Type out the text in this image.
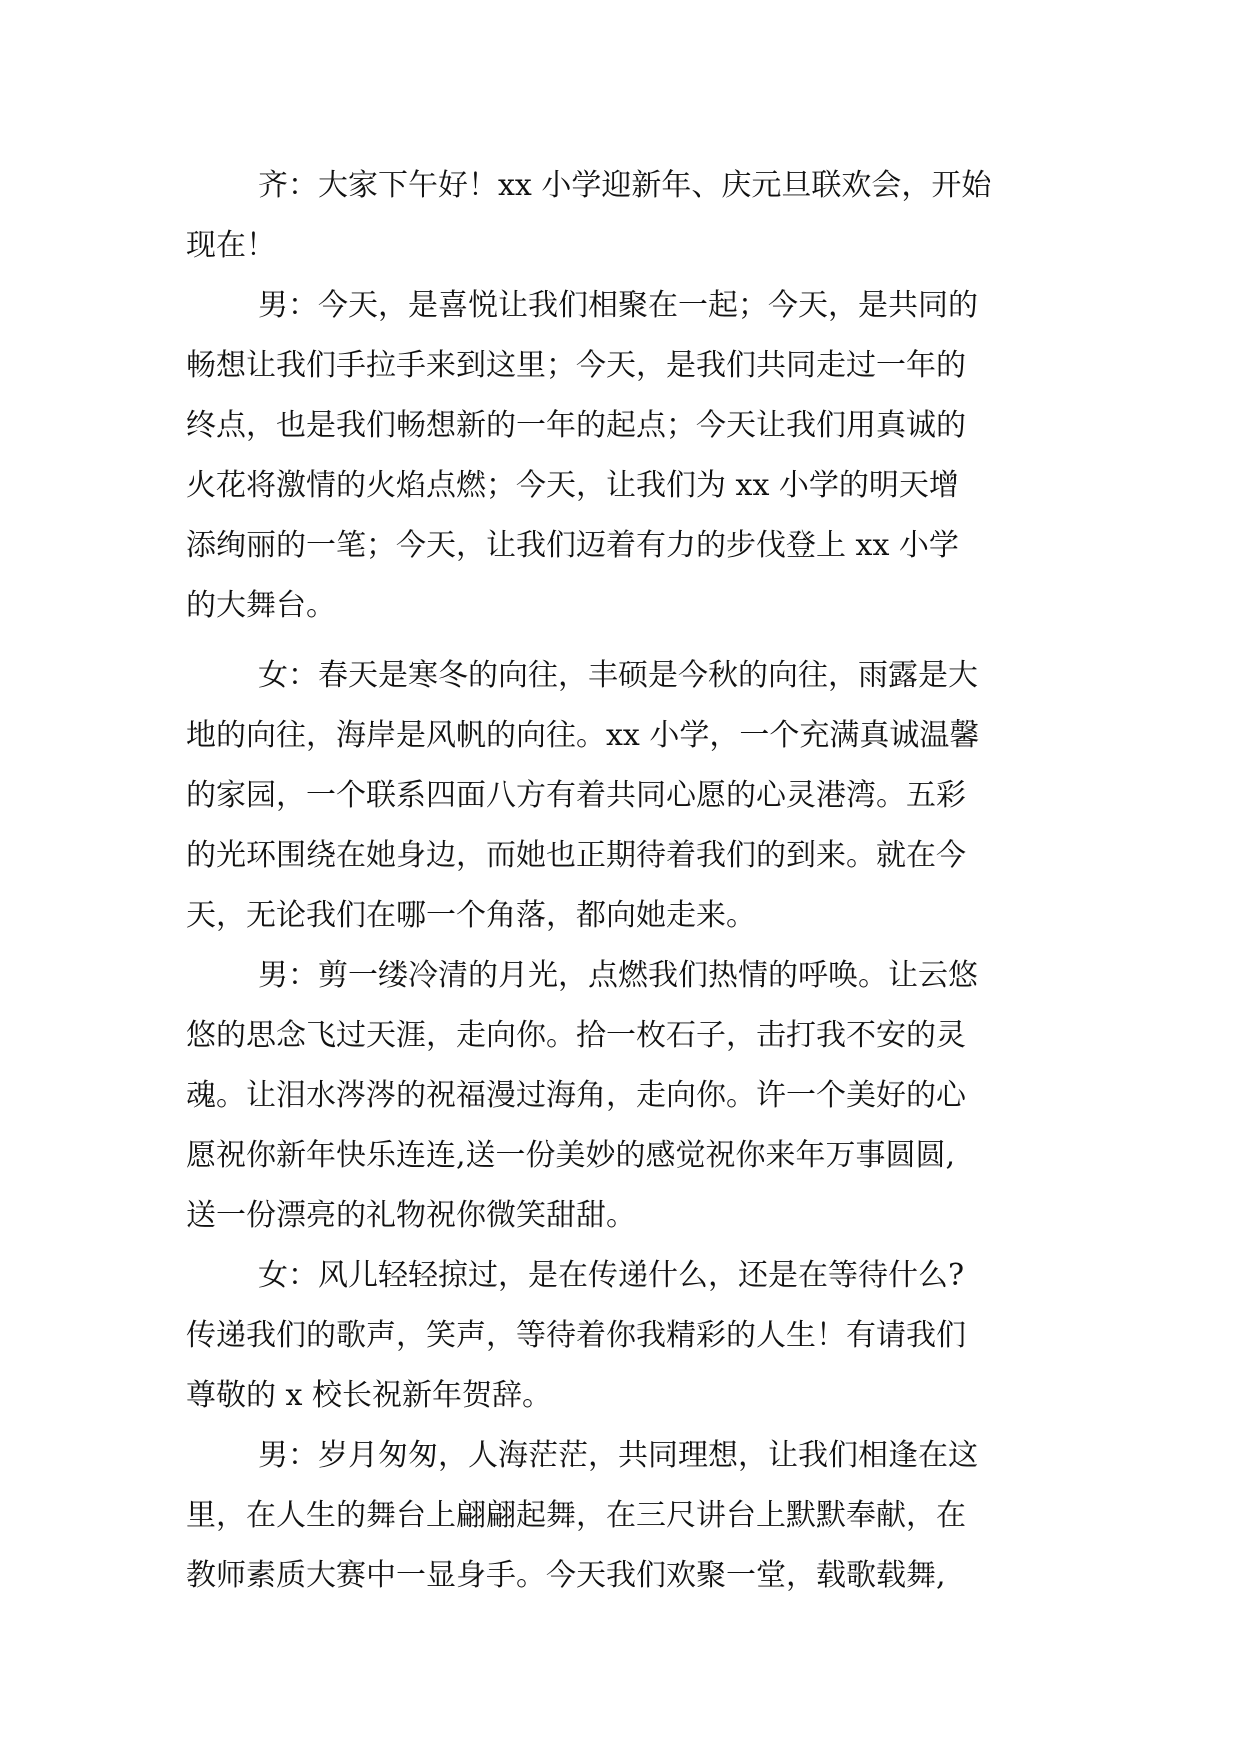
齐：大家下午好！xx 小学迎新年、庆元旦联欢会，开始
现在！
男：今天，是喜悦让我们相聚在一起；今天，是共同的
畅想让我们手拉手来到这里；今天，是我们共同走过一年的
终点，也是我们畅想新的一年的起点；今天让我们用真诚的
火花将激情的火焰点燃；今天，让我们为 xx 小学的明天增
添绚丽的一笔；今天，让我们迈着有力的步伐登上 xx 小学
的大舞台。
女：春天是寒冬的向往，丰硕是今秋的向往，雨露是大
地的向往，海岸是风帆的向往。xx 小学，一个充满真诚温馨
的家园，一个联系四面八方有着共同心愿的心灵港湾。五彩
的光环围绕在她身边，而她也正期待着我们的到来。就在今
天，无论我们在哪一个角落，都向她走来。
男：剪一缕冷清的月光，点燃我们热情的呼唤。让云悠
悠的思念飞过天涯，走向你。拾一枚石子，击打我不安的灵
魂。让泪水涔涔的祝福漫过海角，走向你。许一个美好的心
愿祝你新年快乐连连,送一份美妙的感觉祝你来年万事圆圆,
送一份漂亮的礼物祝你微笑甜甜。
女：风儿轻轻掠过，是在传递什么，还是在等待什么?
传递我们的歌声，笑声，等待着你我精彩的人生！有请我们
尊敬的 x 校长祝新年贺辞。
男：岁月匆匆，人海茫茫，共同理想，让我们相逢在这
里，在人生的舞台上翩翩起舞，在三尺讲台上默默奉献，在
教师素质大赛中一显身手。今天我们欢聚一堂，载歌载舞,
